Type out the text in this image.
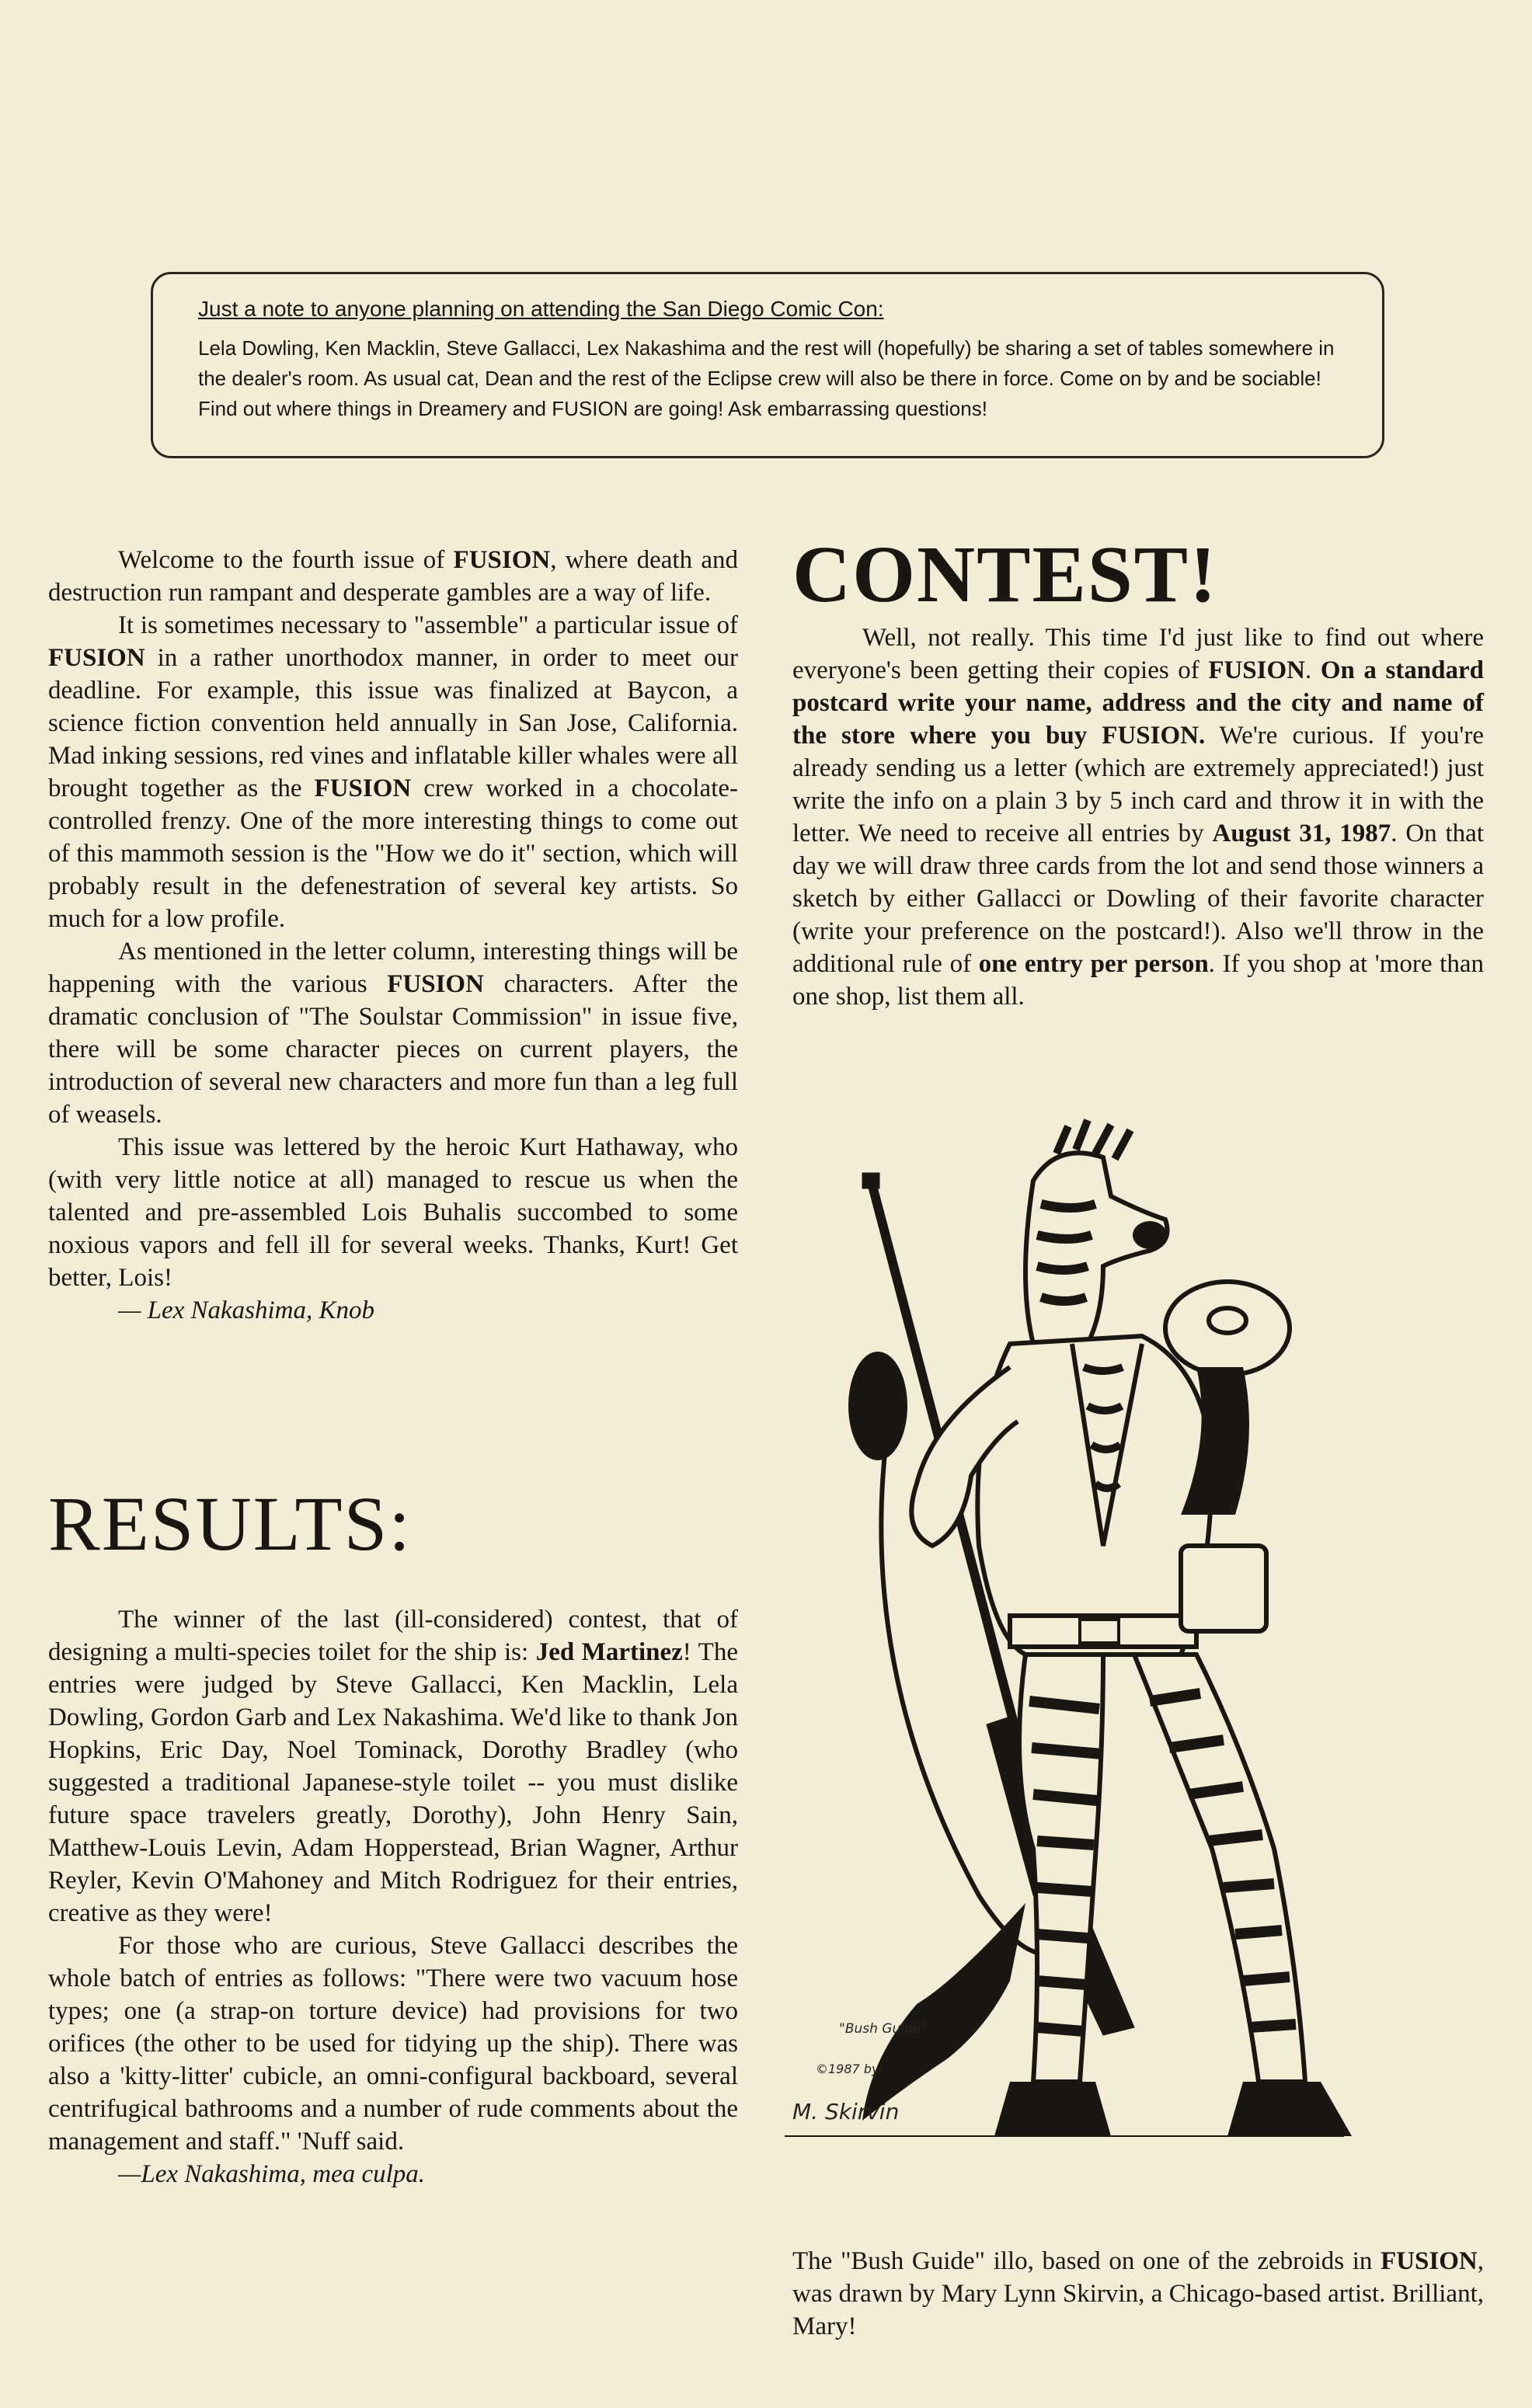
Just a note to anyone planning on attending the San Diego Comic Con:
Lela Dowling, Ken Macklin, Steve Gallacci, Lex Nakashima and the rest will (hopefully) be sharing a set of tables somewhere in the dealer's room. As usual cat, Dean and the rest of the Eclipse crew will also be there in force. Come on by and be sociable! Find out where things in Dreamery and FUSION are going! Ask embarrassing questions!

Welcome to the fourth issue of FUSION, where death and destruction run rampant and desperate gambles are a way of life.

It is sometimes necessary to "assemble" a particular issue of FUSION in a rather unorthodox manner, in order to meet our deadline. For example, this issue was finalized at Baycon, a science fiction convention held annually in San Jose, California. Mad inking sessions, red vines and inflatable killer whales were all brought together as the FUSION crew worked in a chocolate-controlled frenzy. One of the more interesting things to come out of this mammoth session is the "How we do it" section, which will probably result in the defenestration of several key artists. So much for a low profile.

As mentioned in the letter column, interesting things will be happening with the various FUSION characters. After the dramatic conclusion of "The Soulstar Commission" in issue five, there will be some character pieces on current players, the introduction of several new characters and more fun than a leg full of weasels.

This issue was lettered by the heroic Kurt Hathaway, who (with very little notice at all) managed to rescue us when the talented and pre-assembled Lois Buhalis succombed to some noxious vapors and fell ill for several weeks. Thanks, Kurt! Get better, Lois!

— Lex Nakashima, Knob

RESULTS:

The winner of the last (ill-considered) contest, that of designing a multi-species toilet for the ship is: Jed Martinez! The entries were judged by Steve Gallacci, Ken Macklin, Lela Dowling, Gordon Garb and Lex Nakashima. We'd like to thank Jon Hopkins, Eric Day, Noel Tominack, Dorothy Bradley (who suggested a traditional Japanese-style toilet -- you must dislike future space travelers greatly, Dorothy), John Henry Sain, Matthew-Louis Levin, Adam Hopperstead, Brian Wagner, Arthur Reyler, Kevin O'Mahoney and Mitch Rodriguez for their entries, creative as they were!

For those who are curious, Steve Gallacci describes the whole batch of entries as follows: "There were two vacuum hose types; one (a strap-on torture device) had provisions for two orifices (the other to be used for tidying up the ship). There was also a 'kitty-litter' cubicle, an omni-configural backboard, several centrifugical bathrooms and a number of rude comments about the management and staff." 'Nuff said.

—Lex Nakashima, mea culpa.

CONTEST!

Well, not really. This time I'd just like to find out where everyone's been getting their copies of FUSION. On a standard postcard write your name, address and the city and name of the store where you buy FUSION. We're curious. If you're already sending us a letter (which are extremely appreciated!) just write the info on a plain 3 by 5 inch card and throw it in with the letter. We need to receive all entries by August 31, 1987. On that day we will draw three cards from the lot and send those winners a sketch by either Gallacci or Dowling of their favorite character (write your preference on the postcard!). Also we'll throw in the additional rule of one entry per person. If you shop at 'more than one shop, list them all.

"Bush Guide"
©1987 by
M. Skirvin
The "Bush Guide" illo, based on one of the zebroids in FUSION, was drawn by Mary Lynn Skirvin, a Chicago-based artist. Brilliant, Mary!
